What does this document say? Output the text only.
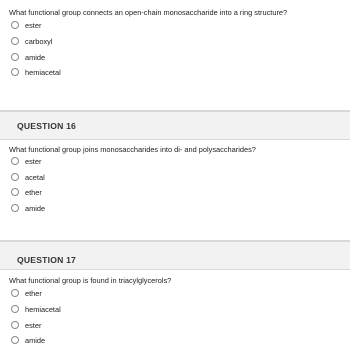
What functional group connects an open-chain monosaccharide into a ring structure?
ester
carboxyl
amide
hemiacetal
QUESTION 16
What functional group joins monosaccharides into di- and polysaccharides?
ester
acetal
ether
amide
QUESTION 17
What functional group is found in triacylglycerols?
ether
hemiacetal
ester
amide
